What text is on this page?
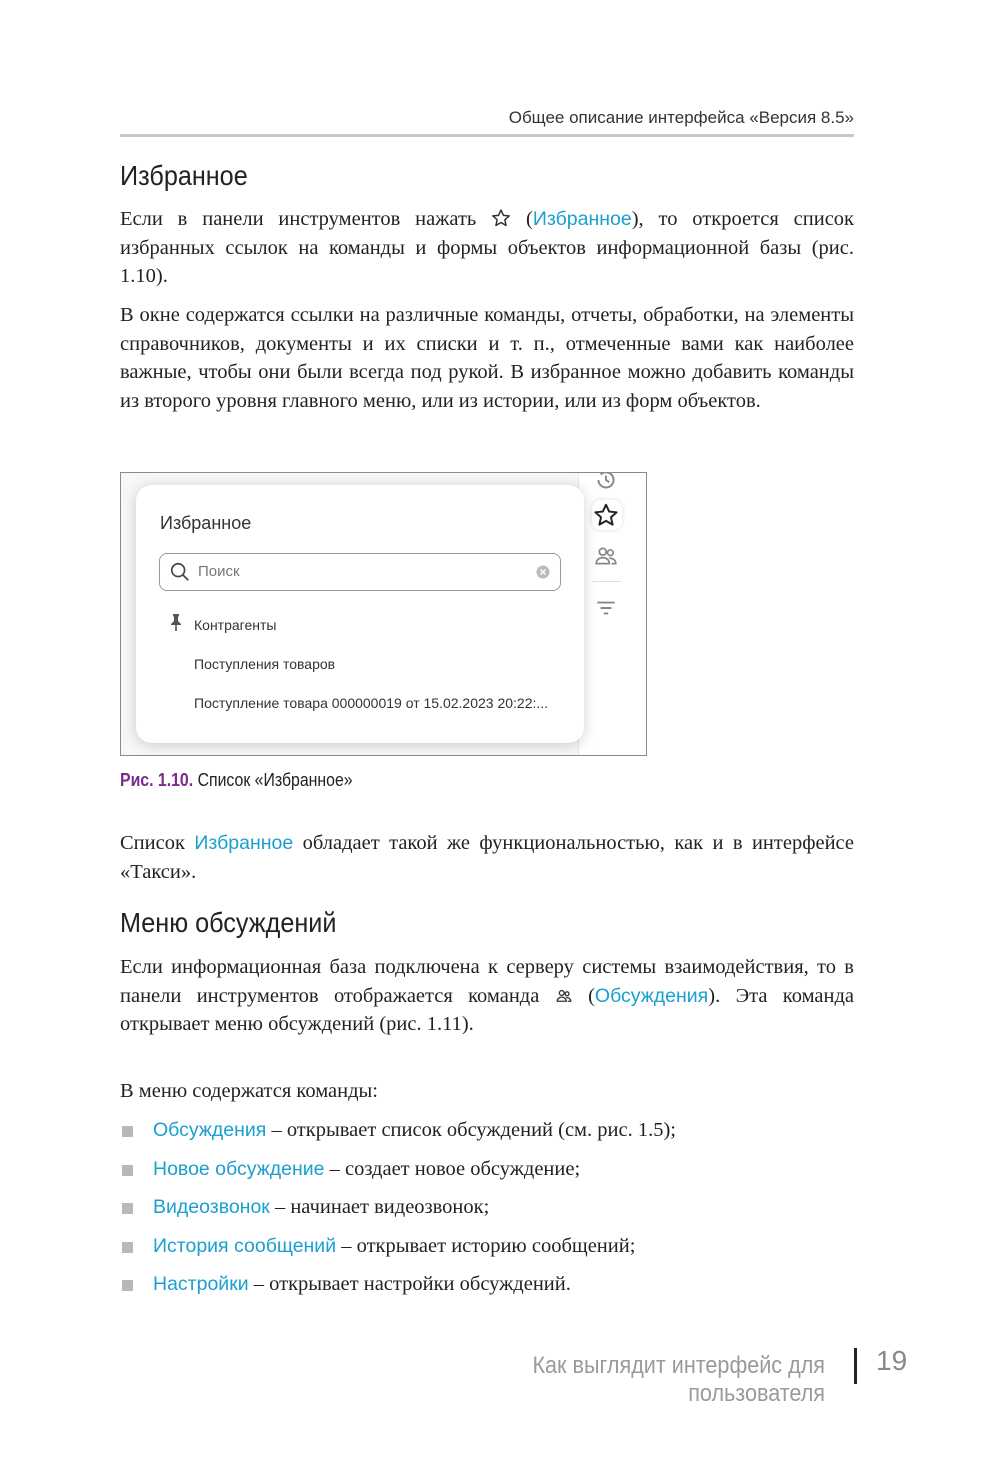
Общее описание интерфейса «Версия 8.5»
Избранное

Если в панели инструментов нажать  (Избранное), то откроется список избранных ссылок на команды и формы объектов информационной базы (рис. 1.10).

В окне содержатся ссылки на различные команды, отчеты, обработки, на элементы справочников, документы и их списки и т. п., отмеченные вами как наиболее важные, чтобы они были всегда под рукой. В избранное можно добавить команды из второго уровня главного меню, или из истории, или из форм объектов.

Избранное
Поиск
Контрагенты
Поступления товаров
Поступление товара 000000019 от 15.02.2023 20:22:...
Рис. 1.10. Список «Избранное»

Список Избранное обладает такой же функциональностью, как и в интерфейсе «Такси».

Меню обсуждений

Если информационная база подключена к серверу системы взаимодействия, то в панели инструментов отображается команда  (Обсуждения). Эта команда открывает меню обсуждений (рис. 1.11).

В меню содержатся команды:

Обсуждения – открывает список обсуждений (см. рис. 1.5);
Новое обсуждение – создает новое обсуждение;
Видеозвонок – начинает видеозвонок;
История сообщений – открывает историю сообщений;
Настройки – открывает настройки обсуждений.
Как выглядит интерфейс для пользователя
19
